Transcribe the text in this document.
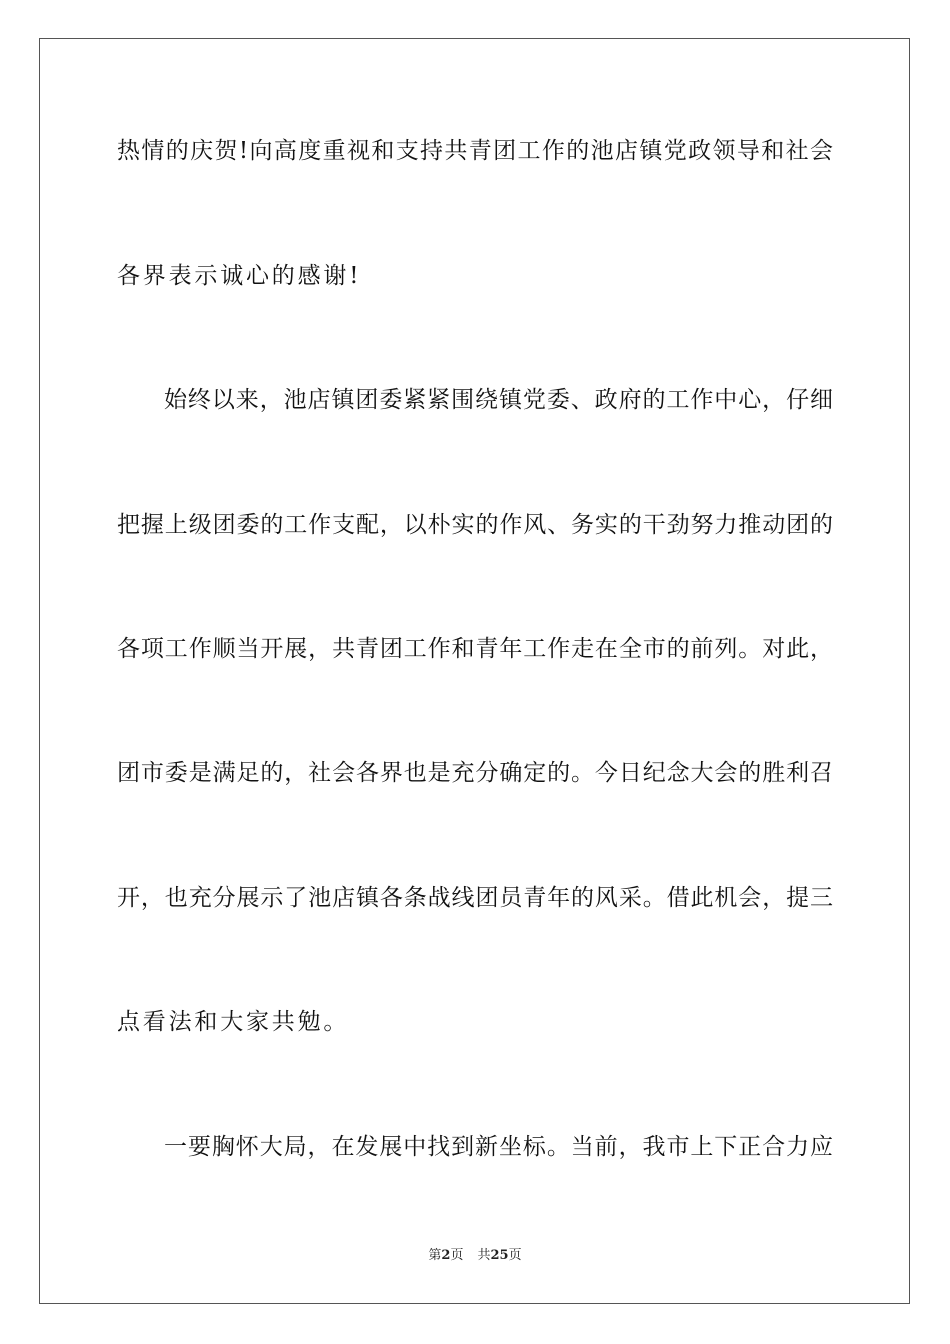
热情的庆贺!向高度重视和支持共青团工作的池店镇党政领导和社会
各界表示诚心的感谢!
始终以来，池店镇团委紧紧围绕镇党委、政府的工作中心，仔细
把握上级团委的工作支配，以朴实的作风、务实的干劲努力推动团的
各项工作顺当开展，共青团工作和青年工作走在全市的前列。对此，
团市委是满足的，社会各界也是充分确定的。今日纪念大会的胜利召
开，也充分展示了池店镇各条战线团员青年的风采。借此机会，提三
点看法和大家共勉。
一要胸怀大局，在发展中找到新坐标。当前，我市上下正合力应
第2页 共25页
